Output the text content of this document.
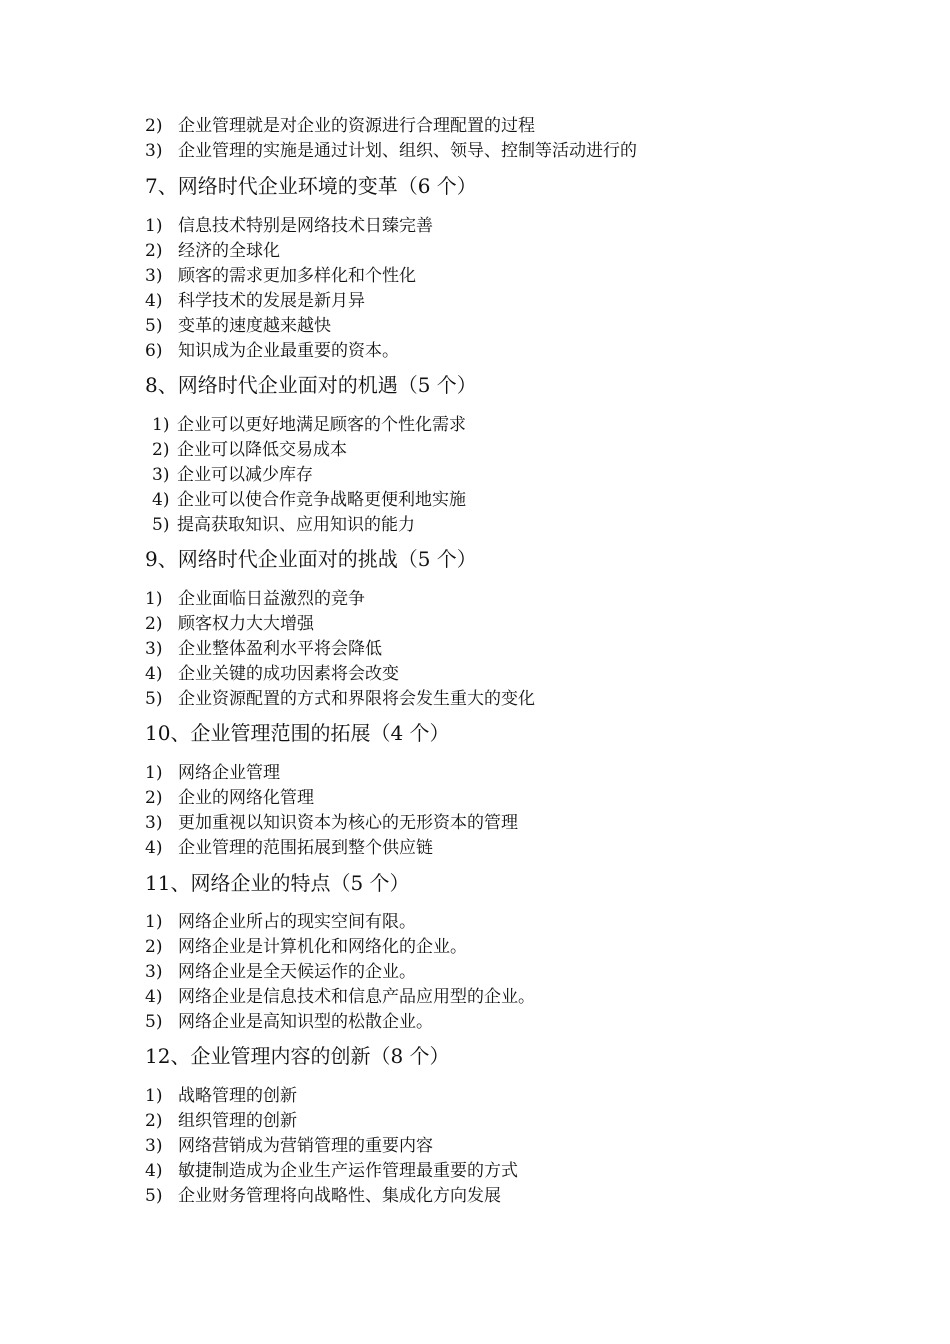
2) 企业管理就是对企业的资源进行合理配置的过程
3) 企业管理的实施是通过计划、组织、领导、控制等活动进行的
7、网络时代企业环境的变革（6 个）
1) 信息技术特别是网络技术日臻完善
2) 经济的全球化
3) 顾客的需求更加多样化和个性化
4) 科学技术的发展是新月异
5) 变革的速度越来越快
6) 知识成为企业最重要的资本。
8、网络时代企业面对的机遇（5 个）
1) 企业可以更好地满足顾客的个性化需求
2) 企业可以降低交易成本
3) 企业可以减少库存
4) 企业可以使合作竞争战略更便利地实施
5) 提高获取知识、应用知识的能力
9、网络时代企业面对的挑战（5 个）
1) 企业面临日益激烈的竞争
2) 顾客权力大大增强
3) 企业整体盈利水平将会降低
4) 企业关键的成功因素将会改变
5) 企业资源配置的方式和界限将会发生重大的变化
10、企业管理范围的拓展（4 个）
1) 网络企业管理
2) 企业的网络化管理
3) 更加重视以知识资本为核心的无形资本的管理
4) 企业管理的范围拓展到整个供应链
11、网络企业的特点（5 个）
1) 网络企业所占的现实空间有限。
2) 网络企业是计算机化和网络化的企业。
3) 网络企业是全天候运作的企业。
4) 网络企业是信息技术和信息产品应用型的企业。
5) 网络企业是高知识型的松散企业。
12、企业管理内容的创新（8 个）
1) 战略管理的创新
2) 组织管理的创新
3) 网络营销成为营销管理的重要内容
4) 敏捷制造成为企业生产运作管理最重要的方式
5) 企业财务管理将向战略性、集成化方向发展
